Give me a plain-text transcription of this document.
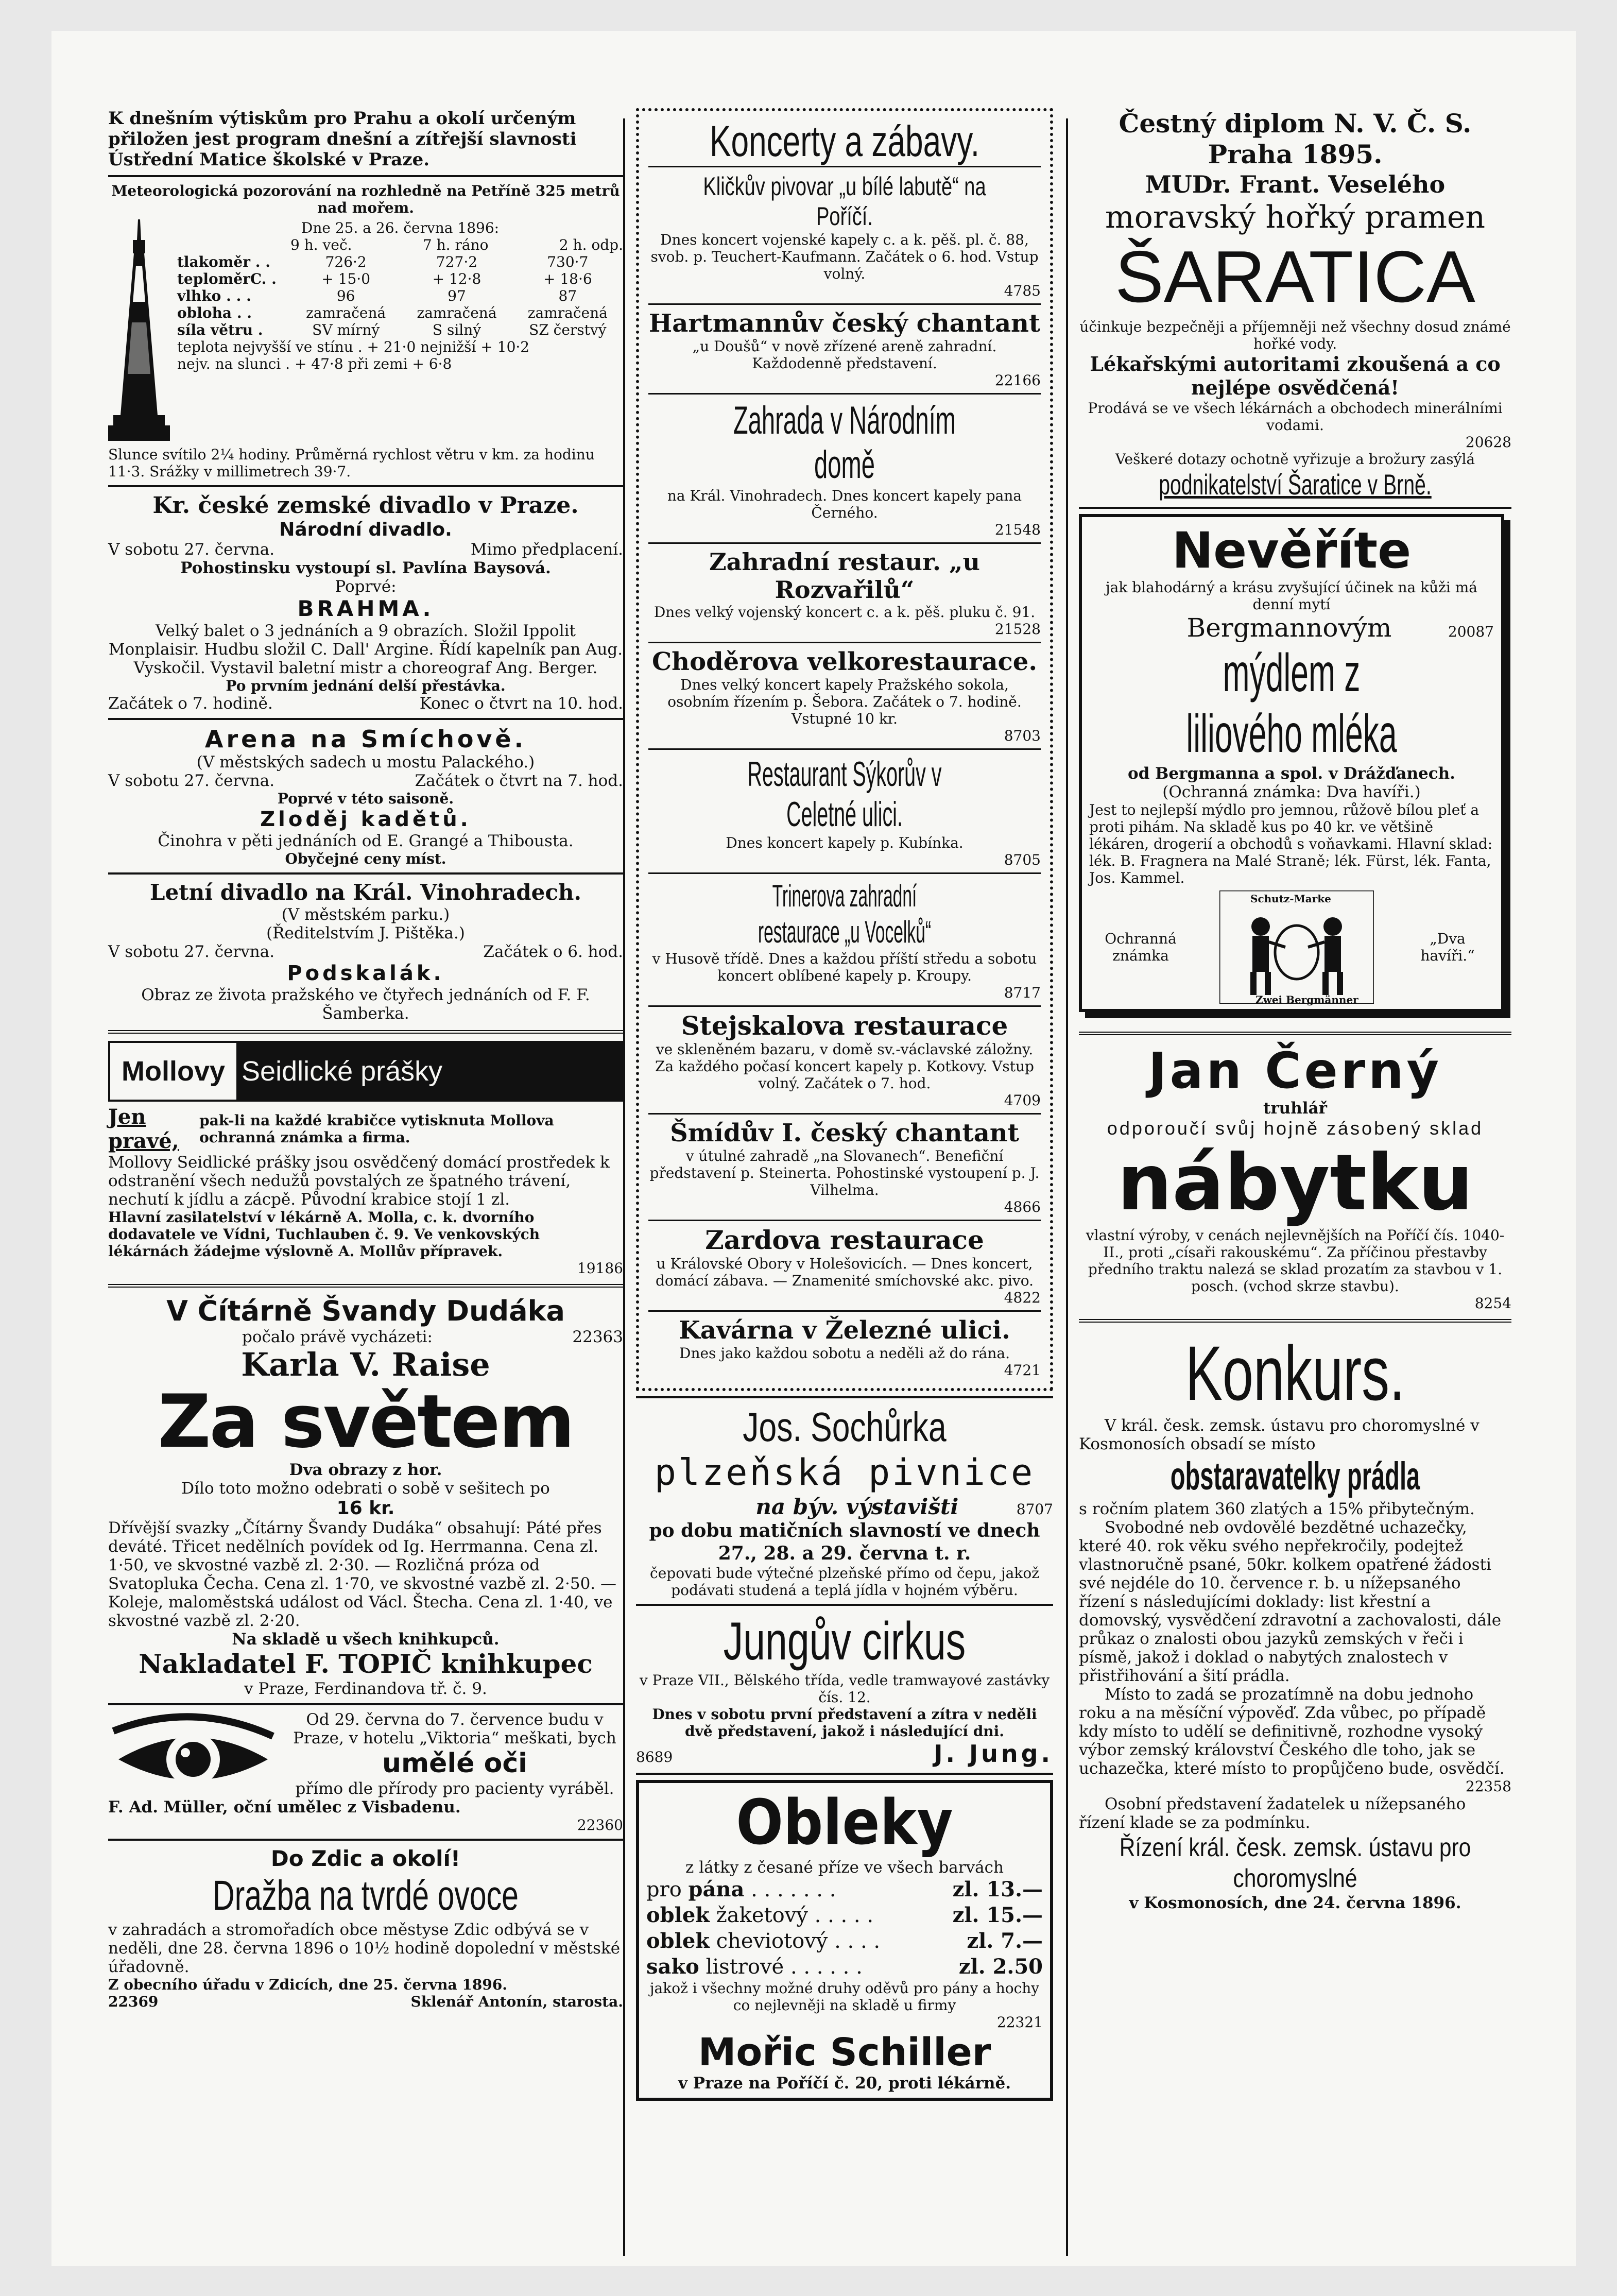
K dnešním výtiskům pro Prahu a okolí určeným přiložen jest program dnešní a zítřejší slavnosti Ústřední Matice školské v Praze.

Meteorologická pozorování na rozhledně na Petříně 325 metrů nad mořem.

Dne 25. a 26. června 1896:

9 h. več.	7 h. ráno	2 h. odp.
tlakoměr . .	726·2	727·2	730·7
teploměrC. .	+ 15·0	+ 12·8	+ 18·6
vlhko . . .	96	97	87
obloha . .	zamračená	zamračená	zamračená
síla větru .	SV mírný	S silný	SZ čerstvý

teplota nejvyšší ve stínu . + 21·0 nejnižší + 10·2

nejv. na slunci . + 47·8 při zemi + 6·8

Slunce svítilo 2¼ hodiny. Průměrná rychlost větru v km. za hodinu 11·3. Srážky v millimetrech 39·7.

Kr. české zemské divadlo v Praze.

Národní divadlo.

V sobotu 27. června.	Mimo předplacení.

Pohostinsku vystoupí sl. Pavlína Baysová.

Poprvé:

BRAHMA.

Velký balet o 3 jednáních a 9 obrazích. Složil Ippolit Monplaisir. Hudbu složil C. Dall' Argine. Řídí kapelník pan Aug. Vyskočil. Vystavil baletní mistr a choreograf Ang. Berger.

Po prvním jednání delší přestávka.

Začátek o 7. hodině.	Konec o čtvrt na 10. hod.

Arena na Smíchově.

(V městských sadech u mostu Palackého.)

V sobotu 27. června.	Začátek o čtvrt na 7. hod.

Poprvé v této saisoně.

Zloděj kadětů.

Činohra v pěti jednáních od E. Grangé a Thibousta.

Obyčejné ceny míst.

Letní divadlo na Král. Vinohradech.

(V městském parku.)

(Ředitelstvím J. Pištěka.)

V sobotu 27. června.	Začátek o 6. hod.

Podskalák.

Obraz ze života pražského ve čtyřech jednáních od F. F. Šamberka.

Mollovy Seidlické prášky
Jen pravé,
pak-li na každé krabičce vytisknuta Mollova ochranná známka a firma.

Mollovy Seidlické prášky jsou osvědčený domácí prostředek k odstranění všech nedužů povstalých ze špatného trávení, nechutí k jídlu a zácpě. Původní krabice stojí 1 zl.

Hlavní zasilatelství v lékárně A. Molla, c. k. dvorního dodavatele ve Vídni, Tuchlauben č. 9. Ve venkovských lékárnách žádejme výslovně A. Mollův přípravek.

19186

V Čítárně Švandy Dudáka

počalo právě vycházeti:	22363

Karla V. Raise

Za světem

Dva obrazy z hor.

Dílo toto možno odebrati o sobě v sešitech po

16 kr.

Dřívější svazky „Čítárny Švandy Dudáka“ obsahují: Páté přes deváté. Třicet nedělních povídek od Ig. Herrmanna. Cena zl. 1·50, ve skvostné vazbě zl. 2·30. — Rozličná próza od Svatopluka Čecha. Cena zl. 1·70, ve skvostné vazbě zl. 2·50. — Koleje, maloměstská událost od Václ. Štecha. Cena zl. 1·40, ve skvostné vazbě zl. 2·20.

Na skladě u všech knihkupců.

Nakladatel F. TOPIČ knihkupec

v Praze, Ferdinandova tř. č. 9.

Od 29. června do 7. července budu v Praze, v hotelu „Viktoria“ meškati, bych

umělé oči

přímo dle přírody pro pacienty vyráběl.

F. Ad. Müller, oční umělec z Visbadenu.

22360

Do Zdic a okolí!

Dražba na tvrdé ovoce

v zahradách a stromořadích obce městyse Zdic odbývá se v neděli, dne 28. června 1896 o 10½ hodině dopolední v městské úřadovně.

Z obecního úřadu v Zdicích, dne 25. června 1896.

22369	Sklenář Antonín, starosta.

Koncerty a zábavy.

Kličkův pivovar „u bílé labutě“ na Poříčí.

Dnes koncert vojenské kapely c. a k. pěš. pl. č. 88, svob. p. Teuchert-Kaufmann. Začátek o 6. hod. Vstup volný.

4785

Hartmannův český chantant

„u Doušů“ v nově zřízené areně zahradní. Každodenně představení.

22166

Zahrada v Národním domě

na Král. Vinohradech. Dnes koncert kapely pana Černého.

21548

Zahradní restaur. „u Rozvařilů“

Dnes velký vojenský koncert c. a k. pěš. pluku č. 91.

21528

Choděrova velkorestaurace.

Dnes velký koncert kapely Pražského sokola, osobním řízením p. Šebora. Začátek o 7. hodině. Vstupné 10 kr.

8703

Restaurant Sýkorův v Celetné ulici.

Dnes koncert kapely p. Kubínka.

8705

Trinerova zahradní restaurace „u Vocelků“

v Husově třídě. Dnes a každou příští středu a sobotu koncert oblíbené kapely p. Kroupy.

8717

Stejskalova restaurace

ve skleněném bazaru, v domě sv.-václavské záložny. Za každého počasí koncert kapely p. Kotkovy. Vstup volný. Začátek o 7. hod.

4709

Šmídův I. český chantant

v útulné zahradě „na Slovanech“. Benefiční představení p. Steinerta. Pohostinské vystoupení p. J. Vilhelma.

4866

Zardova restaurace

u Královské Obory v Holešovicích. — Dnes koncert, domácí zábava. — Znamenité smíchovské akc. pivo.

4822

Kavárna v Železné ulici.

Dnes jako každou sobotu a neděli až do rána.

4721

Jos. Sochůrka

plzeňská pivnice

na býv. výstavišti	8707

po dobu matičních slavností ve dnech 27., 28. a 29. června t. r.

čepovati bude výtečné plzeňské přímo od čepu, jakož podávati studená a teplá jídla v hojném výběru.

Jungův cirkus

v Praze VII., Bělského třída, vedle tramwayové zastávky čís. 12.

Dnes v sobotu první představení a zítra v neděli dvě představení, jakož i následující dni.

8689	J. Jung.

Obleky

z látky z česané příze ve všech barvách

pro pána . . . . . . .	zl. 13.—
oblek žaketový . . . . .	zl. 15.—
oblek cheviotový . . . .	zl. 7.—
sako listrové . . . . . .	zl. 2.50

jakož i všechny možné druhy oděvů pro pány a hochy co nejlevněji na skladě u firmy

22321

Mořic Schiller

v Praze na Poříčí č. 20, proti lékárně.

Čestný diplom N. V. Č. S. Praha 1895.

MUDr. Frant. Veselého

moravský hořký pramen

ŠARATICA

účinkuje bezpečněji a příjemněji než všechny dosud známé hořké vody.

Lékařskými autoritami zkoušená a co nejlépe osvědčená!

Prodává se ve všech lékárnách a obchodech minerálními vodami.

20628

Veškeré dotazy ochotně vyřizuje a brožury zasýlá

podnikatelství Šaratice v Brně.

Nevěříte

jak blahodárný a krásu zvyšující účinek na kůži má denní mytí

Bergmannovým	20087

mýdlem z liliového mléka

od Bergmanna a spol. v Drážďanech.

(Ochranná známka: Dva havíři.)

Jest to nejlepší mýdlo pro jemnou, růžově bílou pleť a proti pihám. Na skladě kus po 40 kr. ve většině lékáren, drogerií a obchodů s voňavkami. Hlavní sklad: lék. B. Fragnera na Malé Straně; lék. Fürst, lék. Fanta, Jos. Kammel.

Ochranná známka

Schutz-Marke
Zwei Bergmänner

„Dva havíři.“

Jan Černý

truhlář

odporoučí svůj hojně zásobený sklad

nábytku

vlastní výroby, v cenách nejlevnějších na Poříčí čís. 1040-II., proti „císaři rakouskému“. Za příčinou přestavby předního traktu nalezá se sklad prozatím za stavbou v 1. posch. (vchod skrze stavbu).

8254

Konkurs.

V král. česk. zemsk. ústavu pro choromyslné v Kosmonosích obsadí se místo

obstaravatelky prádla

s ročním platem 360 zlatých a 15% přibytečným.

Svobodné neb ovdovělé bezdětné uchazečky, které 40. rok věku svého nepřekročily, podejtež vlastnoručně psané, 50kr. kolkem opatřené žádosti své nejdéle do 10. července r. b. u nížepsaného řízení s následujícími doklady: list křestní a domovský, vysvědčení zdravotní a zachovalosti, dále průkaz o znalosti obou jazyků zemských v řeči i písmě, jakož i doklad o nabytých znalostech v přistřihování a šití prádla.

Místo to zadá se prozatímně na dobu jednoho roku a na měsíční výpověď. Zda vůbec, po případě kdy místo to udělí se definitivně, rozhodne vysoký výbor zemský království Českého dle toho, jak se uchazečka, které místo to propůjčeno bude, osvědčí.

22358

Osobní představení žadatelek u nížepsaného řízení klade se za podmínku.

Řízení král. česk. zemsk. ústavu pro choromyslné

v Kosmonosích, dne 24. června 1896.
